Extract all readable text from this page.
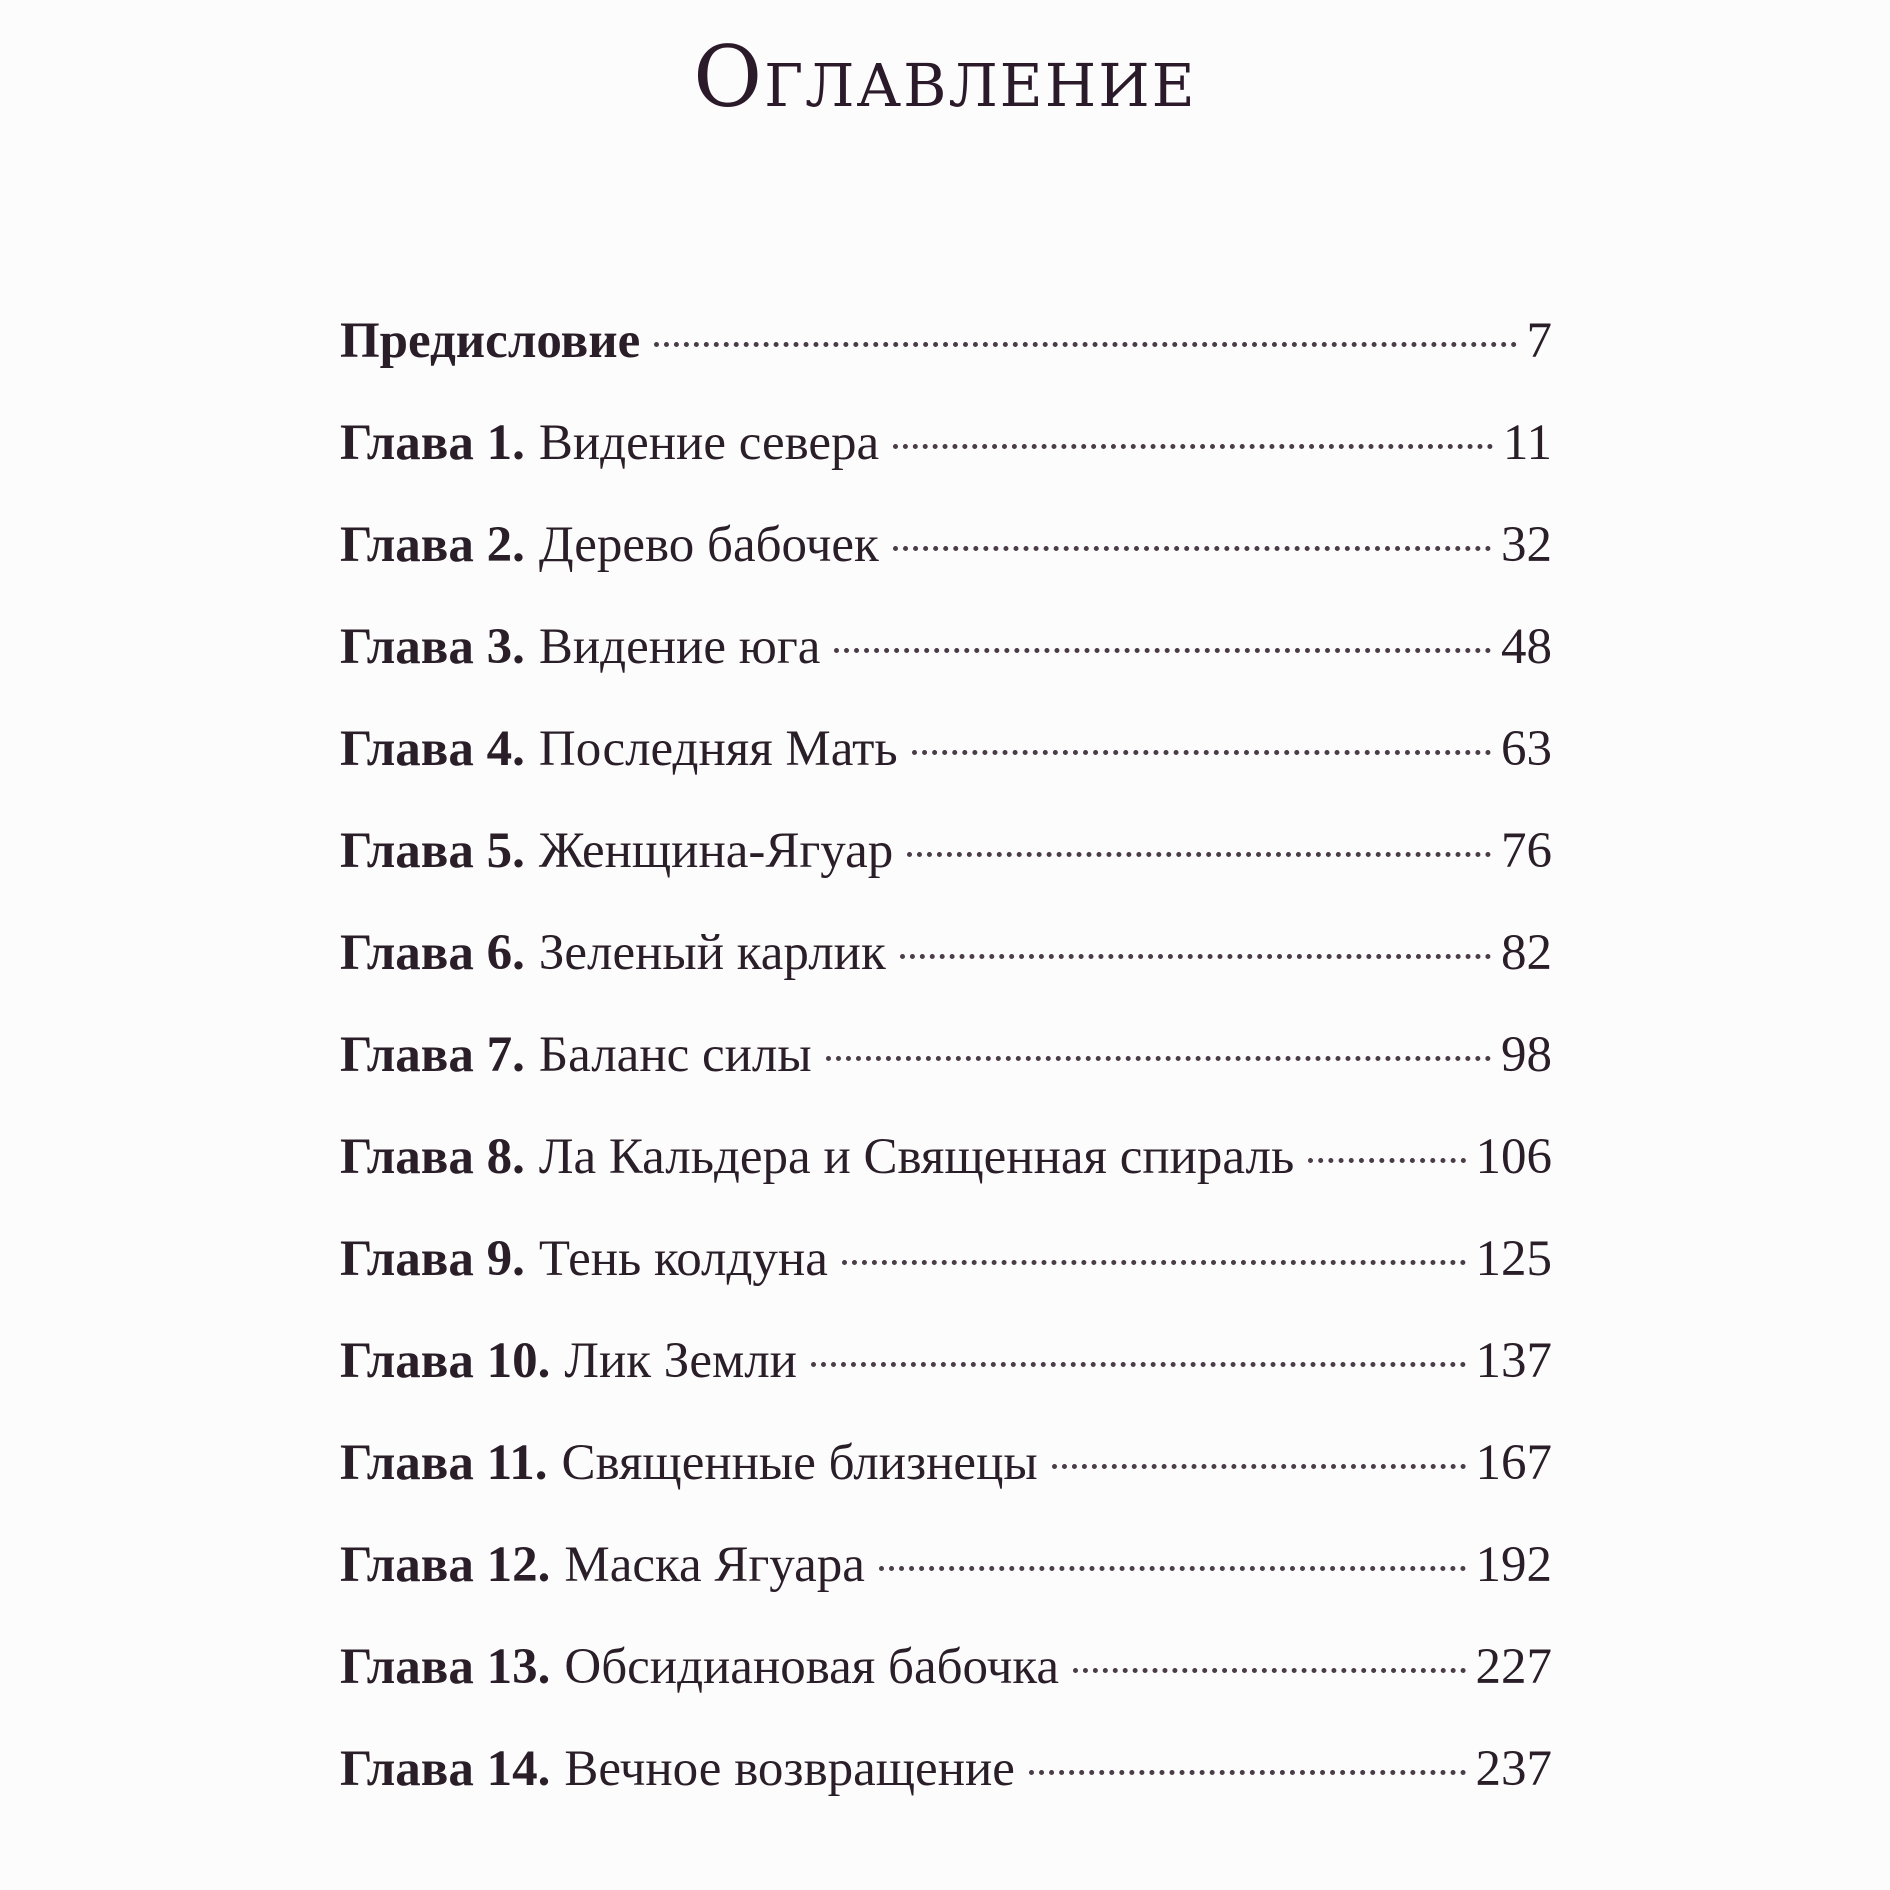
Оглавление
Предисловие	7
Глава 1. Видение севера	11
Глава 2. Дерево бабочек	32
Глава 3. Видение юга	48
Глава 4. Последняя Мать	63
Глава 5. Женщина-Ягуар	76
Глава 6. Зеленый карлик	82
Глава 7. Баланс силы	98
Глава 8. Ла Кальдера и Священная спираль	106
Глава 9. Тень колдуна	125
Глава 10. Лик Земли	137
Глава 11. Священные близнецы	167
Глава 12. Маска Ягуара	192
Глава 13. Обсидиановая бабочка	227
Глава 14. Вечное возвращение	237
